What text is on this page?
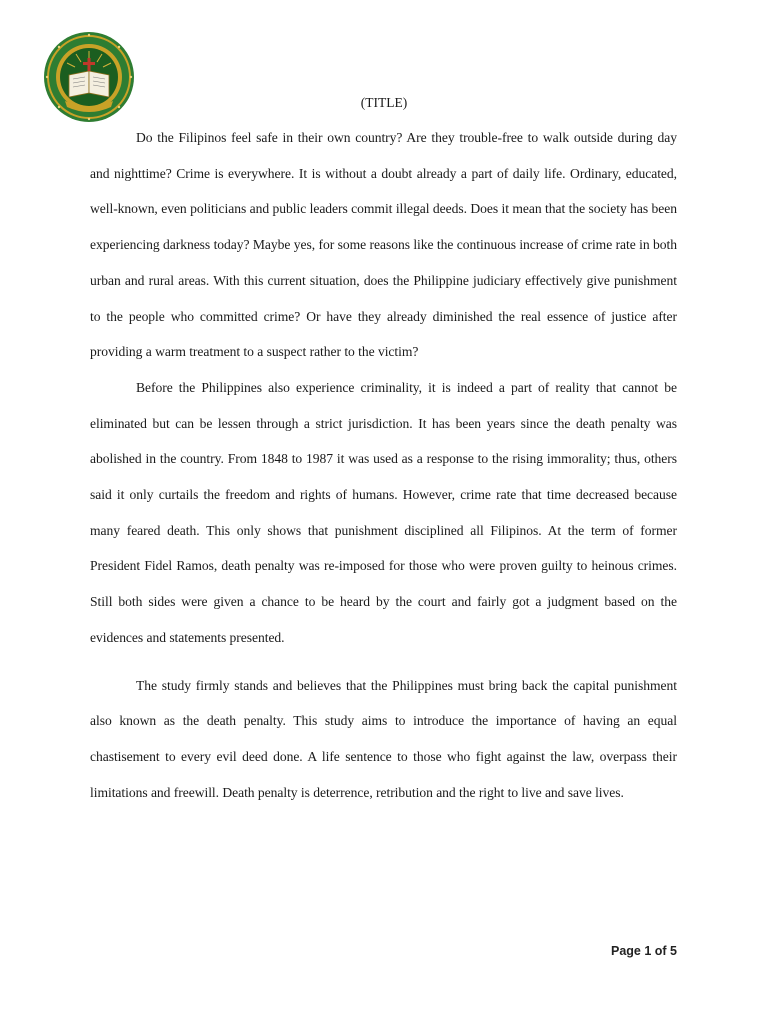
(TITLE)

Do the Filipinos feel safe in their own country? Are they trouble-free to walk outside during day and nighttime? Crime is everywhere. It is without a doubt already a part of daily life. Ordinary, educated, well-known, even politicians and public leaders commit illegal deeds. Does it mean that the society has been experiencing darkness today? Maybe yes, for some reasons like the continuous increase of crime rate in both urban and rural areas. With this current situation, does the Philippine judiciary effectively give punishment to the people who committed crime? Or have they already diminished the real essence of justice after providing a warm treatment to a suspect rather to the victim?

Before the Philippines also experience criminality, it is indeed a part of reality that cannot be eliminated but can be lessen through a strict jurisdiction. It has been years since the death penalty was abolished in the country. From 1848 to 1987 it was used as a response to the rising immorality; thus, others said it only curtails the freedom and rights of humans. However, crime rate that time decreased because many feared death. This only shows that punishment disciplined all Filipinos. At the term of former President Fidel Ramos, death penalty was re-imposed for those who were proven guilty to heinous crimes. Still both sides were given a chance to be heard by the court and fairly got a judgment based on the evidences and statements presented.

The study firmly stands and believes that the Philippines must bring back the capital punishment also known as the death penalty. This study aims to introduce the importance of having an equal chastisement to every evil deed done. A life sentence to those who fight against the law, overpass their limitations and freewill. Death penalty is deterrence, retribution and the right to live and save lives.

Page 1 of 5
